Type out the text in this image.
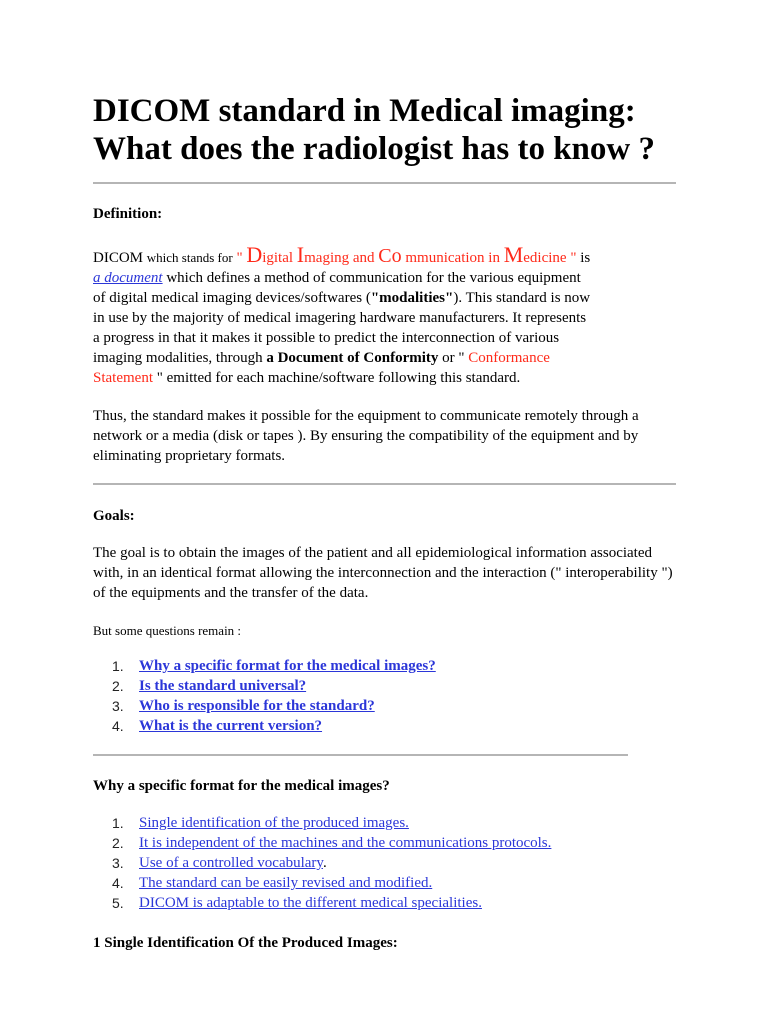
DICOM standard in Medical imaging:
What does the radiologist has to know ?

Definition:

DICOM which stands for " Digital Imaging and Co mmunication in Medicine " is
a document which defines a method of communication for the various equipment
of digital medical imaging devices/softwares ("modalities"). This standard is now
in use by the majority of medical imagering hardware manufacturers. It represents
a progress in that it makes it possible to predict the interconnection of various
imaging modalities, through a Document of Conformity or " Conformance
Statement " emitted for each machine/software following this standard.

Thus, the standard makes it possible for the equipment to communicate remotely through a network or a media (disk or tapes ). By ensuring the compatibility of the equipment and by eliminating proprietary formats.

Goals:

The goal is to obtain the images of the patient and all epidemiological information associated with, in an identical format allowing the interconnection and the interaction (" interoperability ") of the equipments and the transfer of the data.

But some questions remain :

1. Why a specific format for the medical images?
2. Is the standard universal?
3. Who is responsible for the standard?
4. What is the current version?

Why a specific format for the medical images?

1. Single identification of the produced images.
2. It is independent of the machines and the communications protocols.
3. Use of a controlled vocabulary.
4. The standard can be easily revised and modified.
5. DICOM is adaptable to the different medical specialities.

1 Single Identification Of the Produced Images:
